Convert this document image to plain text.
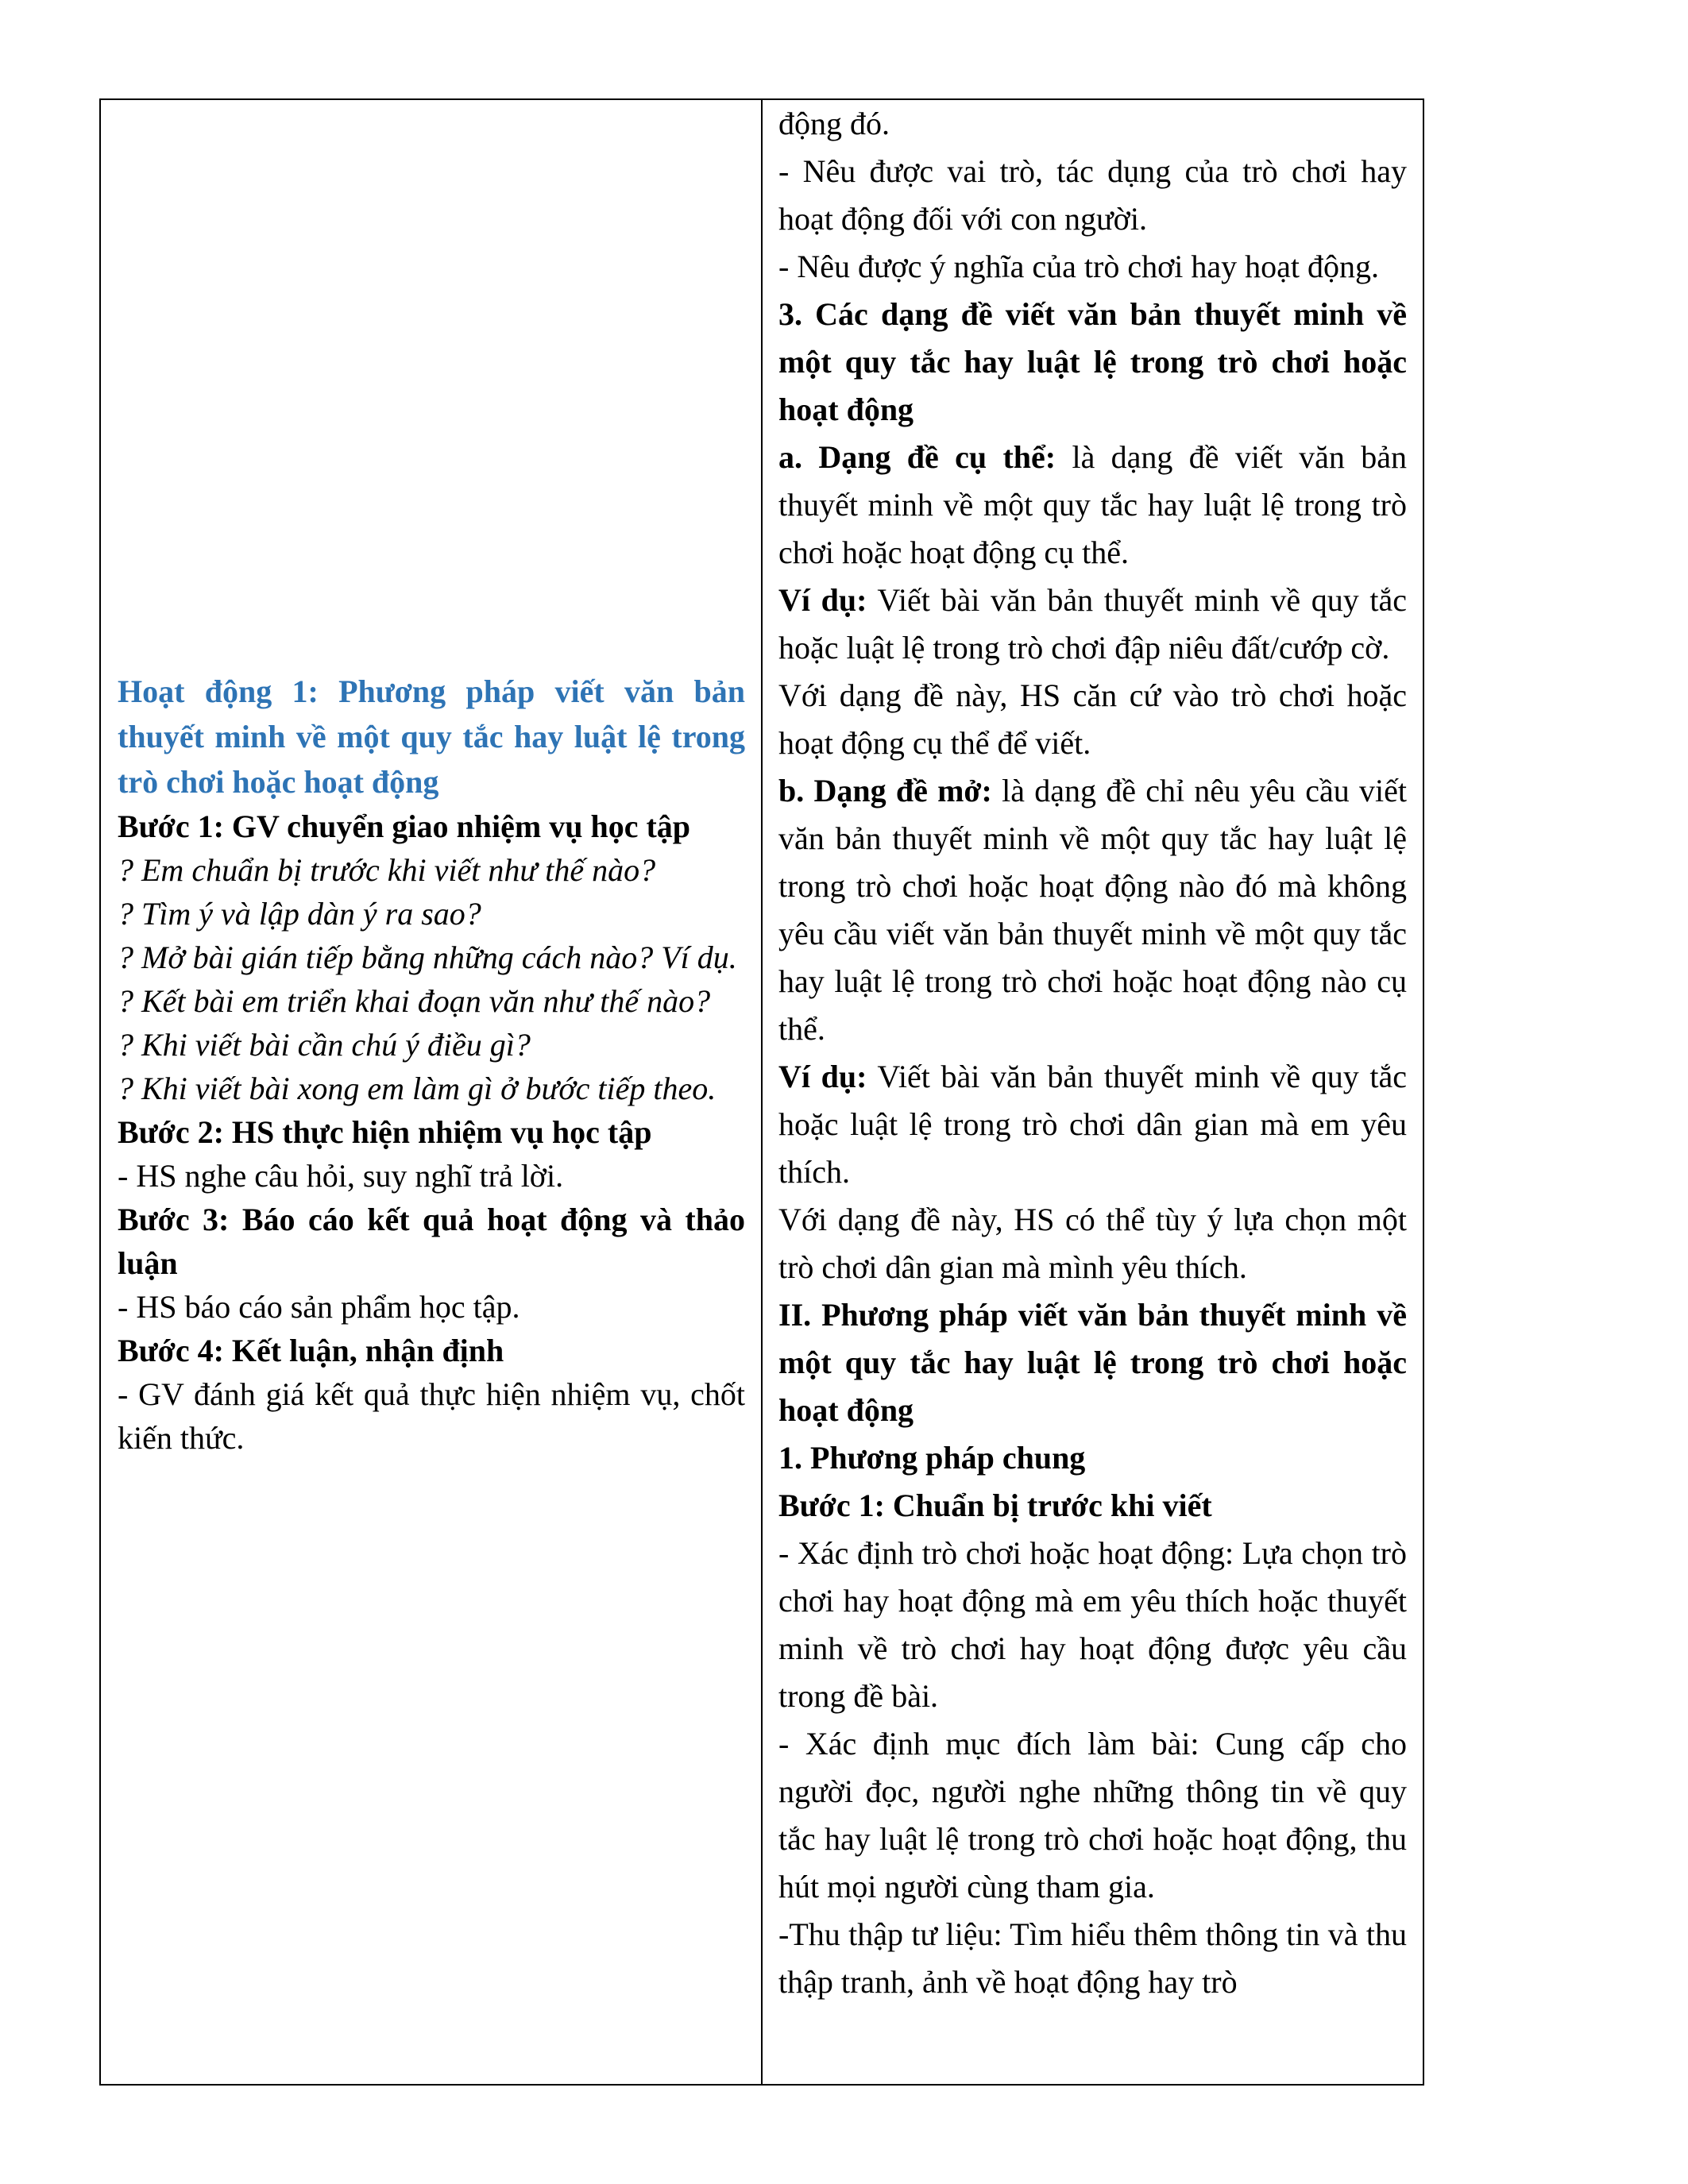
Hoạt động 1: Phương pháp viết văn bản thuyết minh về một quy tắc hay luật lệ trong trò chơi hoặc hoạt động

Bước 1: GV chuyển giao nhiệm vụ học tập

? Em chuẩn bị trước khi viết như thế nào?

? Tìm ý và lập dàn ý ra sao?

? Mở bài gián tiếp bằng những cách nào? Ví dụ.

? Kết bài em triển khai đoạn văn như thế nào?

? Khi viết bài cần chú ý điều gì?

? Khi viết bài xong em làm gì ở bước tiếp theo.

Bước 2: HS thực hiện nhiệm vụ học tập

- HS nghe câu hỏi, suy nghĩ trả lời.

Bước 3: Báo cáo kết quả hoạt động và thảo luận

- HS báo cáo sản phẩm học tập.

Bước 4: Kết luận, nhận định

- GV đánh giá kết quả thực hiện nhiệm vụ, chốt kiến thức.

động đó.

- Nêu được vai trò, tác dụng của trò chơi hay hoạt động đối với con người.

- Nêu được ý nghĩa của trò chơi hay hoạt động.

3. Các dạng đề viết văn bản thuyết minh về một quy tắc hay luật lệ trong trò chơi hoặc hoạt động

a. Dạng đề cụ thể: là dạng đề viết văn bản thuyết minh về một quy tắc hay luật lệ trong trò chơi hoặc hoạt động cụ thể.

Ví dụ: Viết bài văn bản thuyết minh về quy tắc hoặc luật lệ trong trò chơi đập niêu đất/cướp cờ.

Với dạng đề này, HS căn cứ vào trò chơi hoặc hoạt động cụ thể để viết.

b. Dạng đề mở: là dạng đề chỉ nêu yêu cầu viết văn bản thuyết minh về một quy tắc hay luật lệ trong trò chơi hoặc hoạt động nào đó mà không yêu cầu viết văn bản thuyết minh về một quy tắc hay luật lệ trong trò chơi hoặc hoạt động nào cụ thể.

Ví dụ: Viết bài văn bản thuyết minh về quy tắc hoặc luật lệ trong trò chơi dân gian mà em yêu thích.

Với dạng đề này, HS có thể tùy ý lựa chọn một trò chơi dân gian mà mình yêu thích.

II. Phương pháp viết văn bản thuyết minh về một quy tắc hay luật lệ trong trò chơi hoặc hoạt động

1. Phương pháp chung

Bước 1: Chuẩn bị trước khi viết

- Xác định trò chơi hoặc hoạt động: Lựa chọn trò chơi hay hoạt động mà em yêu thích hoặc thuyết minh về trò chơi hay hoạt động được yêu cầu trong đề bài.

- Xác định mục đích làm bài: Cung cấp cho người đọc, người nghe những thông tin về quy tắc hay luật lệ trong trò chơi hoặc hoạt động, thu hút mọi người cùng tham gia.

-Thu thập tư liệu: Tìm hiểu thêm thông tin và thu thập tranh, ảnh về hoạt động hay trò
